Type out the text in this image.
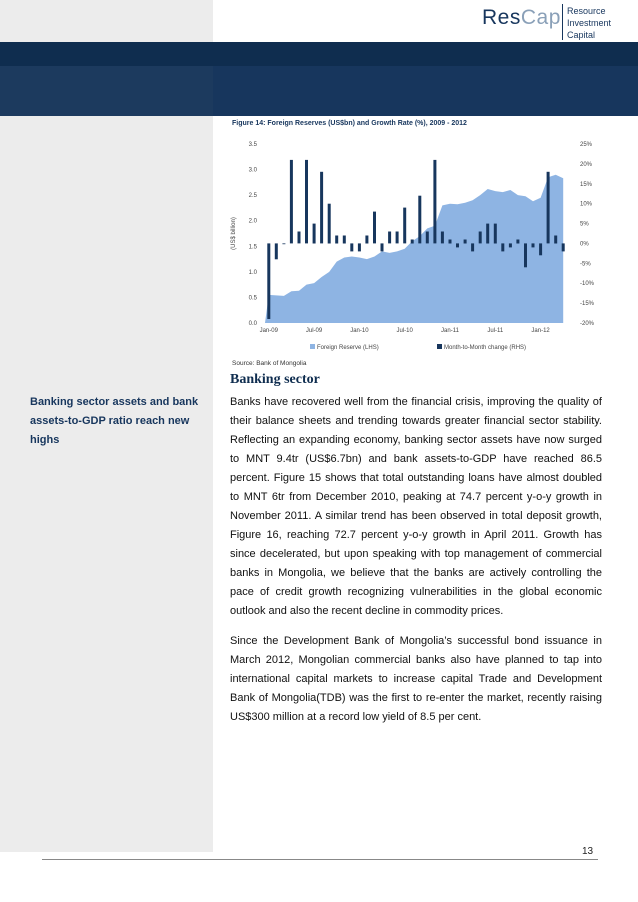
ResCap Resource
Investment
Capital
Figure 14: Foreign Reserves (US$bn) and Growth Rate (%), 2009 - 2012
0.0
0.5
1.0
1.5
2.0
2.5
3.0
3.5
-20%
-15%
-10%
-5%
0%
5%
10%
15%
20%
25%
Jan-09	Jul-09	Jan-10	Jul-10	Jan-11	Jul-11	Jan-12
(US$ billion)
Foreign Reserve (LHS)	Month-to-Month change (RHS)
Source: Bank of Mongolia
Banking sector
Banking sector assets and bank assets-to-GDP ratio reach new highs

Banks have recovered well from the financial crisis, improving the quality of their balance sheets and trending towards greater financial sector stability. Reflecting an expanding economy, banking sector assets have now surged to MNT 9.4tr (US$6.7bn) and bank assets-to-GDP have reached 86.5 percent. Figure 15 shows that total outstanding loans have almost doubled to MNT 6tr from December 2010, peaking at 74.7 percent y-o-y growth in November 2011. A similar trend has been observed in total deposit growth, Figure 16, reaching 72.7 percent y-o-y growth in April 2011. Growth has since decelerated, but upon speaking with top management of commercial banks in Mongolia, we believe that the banks are actively controlling the pace of credit growth recognizing vulnerabilities in the global economic outlook and also the recent decline in commodity prices.

Since the Development Bank of Mongolia’s successful bond issuance in March 2012, Mongolian commercial banks also have planned to tap into international capital markets to increase capital Trade and Development Bank of Mongolia(TDB) was the first to re-enter the market, recently raising US$300 million at a record low yield of 8.5 per cent.

13
